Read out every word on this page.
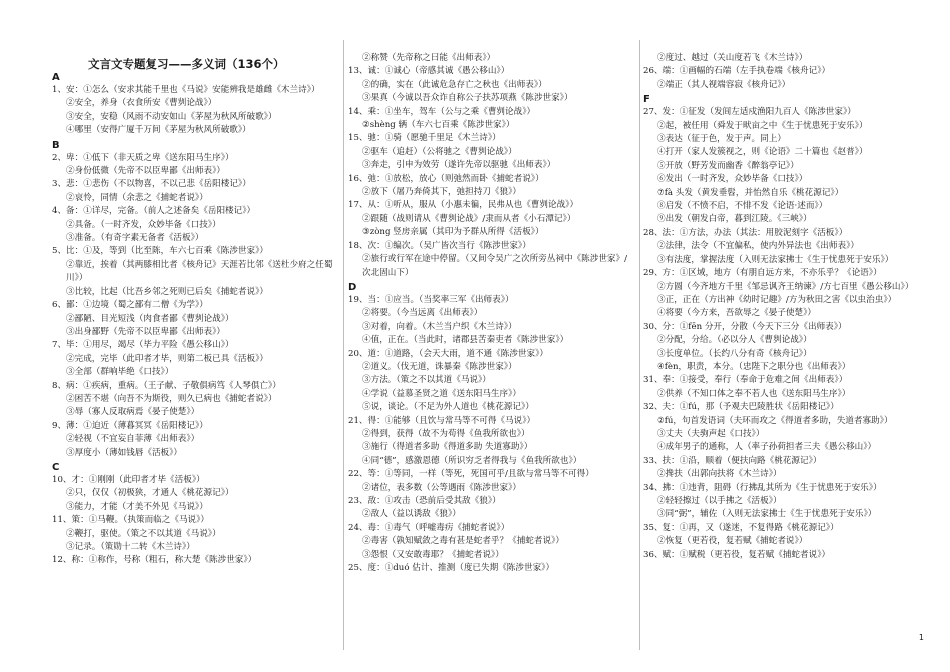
A
1、安：①怎么（安求其能千里也《马说》安能辨我是雄雌《木兰诗》）
②安全，养身（衣食所安《曹刿论战》）
③安全，安稳（风雨不动安如山《茅屋为秋风所破歌》）
④哪里（安得广厦千万间《茅屋为秋风所破歌》）
B
2、卑：①低下（非天质之卑《送东阳马生序》）
②身份低微（先帝不以臣卑鄙《出师表》）
3、悲：①悲伤（不以物喜，不以己悲《岳阳楼记》）
②哀怜，同情（余悲之《捕蛇者说》）
4、备：①详尽，完备。（前人之述备矣《岳阳楼记》）
②具备。（一时齐发，众妙毕备《口技》）
③准备。（有奇字素无备者《活板》）
5、比：①及，等到（比至陈，车六七百乘《陈涉世家》）
②靠近，挨着（其两膝相比者《核舟记》天涯若比邻《送杜少府之任蜀川》）
③比较，比起（比吾乡邻之死则已后矣《捕蛇者说》）
6、鄙：①边境（蜀之鄙有二僧《为学》）
②鄙陋、目光短浅（肉食者鄙《曹刿论战》）
③出身鄙野（先帝不以臣卑鄙《出师表》）
7、毕：①用尽，竭尽（毕力平险《愚公移山》）
②完成，完毕（此印者才毕，则第二板已具《活板》）
③全部（群响毕绝《口技》）
8、病：①疾病，重病。（王子献、子敬俱病笃《人琴俱亡》）
②困苦不堪（向吾不为斯役，则久已病也《捕蛇者说》）
③辱（寡人反取病焉《晏子使楚》）
9、薄：①迫近（薄暮冥冥《岳阳楼记》）
②轻视（不宜妄自菲薄《出师表》）
③厚度小（薄如钱唇《活板》）
C
10、才：①刚刚（此印者才毕《活板》）
②只，仅仅（初极狭，才通人《桃花源记》）
③能力，才能（才美不外见《马说》）
11、策：①马鞭。（执策而临之《马说》）
②鞭打，驱使。（策之不以其道《马说》）
③记录。（策勋十二转《木兰诗》）
12、称：①称作，号称（粗石，称大楚《陈涉世家》）
②称赞（先帝称之曰能《出师表》）
13、诚：①诚心（帝感其诚《愚公移山》）
②的确，实在（此诚危急存亡之秋也《出师表》）
③果真（今诚以吾众诈自称公子扶苏项燕《陈涉世家》）
14、乘：①坐车，驾车（公与之乘《曹刿论战》）
②shèng 辆（车六七百乘《陈涉世家》）
15、驰：①骑（愿驰千里足《木兰诗》）
②驱车（追赶）（公将驰之《曹刿论战》）
③奔走，引申为效劳（遂许先帝以驱驰《出师表》）
16、弛：①放松，放心（则弛然而卧《捕蛇者说》）
②放下（屠乃奔倚其下，弛担持刀《狼》）
17、从：①听从，服从（小惠未徧，民弗从也《曹刿论战》）
②跟随（战则请从《曹刿论战》/隶而从者《小石潭记》）
③zòng 竖房亲属（其印为予群从所得《活板》）
18、次：①编次。（吴广皆次当行《陈涉世家》）
②旅行或行军在途中停留。（又间令吴广之次所旁丛祠中《陈涉世家》/次北固山下）
D
19、当：①应当。（当奖率三军《出师表》）
②将要。（今当远离《出师表》）
③对着，向着。（木兰当户织《木兰诗》）
④值，正在。（当此时，诸郡县苦秦吏者《陈涉世家》）
20、道：①道路，（会天大雨，道不通《陈涉世家》）
②道义。（伐无道，诛暴秦《陈涉世家》）
③方法。（策之不以其道《马说》）
④学说（益慕圣贤之道《送东阳马生序》）
⑤说，谈论。（不足为外人道也《桃花源记》）
21、得：①能够（且饮与常马等不可得《马说》）
②得到，获得（故不为苟得《鱼我所欲也》）
③施行（得道者多助《得道多助 失道寡助》）
④同“德”，感激恩德（所识穷乏者得我与《鱼我所欲也》）
22、等：①等同，一样（等死，死国可乎/且欲与常马等不可得）
②诸位，表多数（公等遇雨《陈涉世家》）
23、敌：①攻击（恐前后受其敌《狼》）
②敌人（益以诱敌《狼》）
24、毒：①毒气（呼嘘毒疠《捕蛇者说》）
②毒害（孰知赋敛之毒有甚是蛇者乎？《捕蛇者说》）
③怨恨（又安敢毒耶？《捕蛇者说》）
25、度：①duó 估计、推测（度已失期《陈涉世家》）
②度过、越过（关山度若飞《木兰诗》）
26、端：①画幅的石端（左手执卷端《核舟记》）
②端正（其人视端容寂《核舟记》）
F
27、发：①征发（发闾左适戍渔阳九百人《陈涉世家》）
②起，被任用（舜发于畎亩之中《生于忧患死于安乐》）
③表达（征于色，发于声。同上）
④打开（家人发簇视之，则《论语》二十篇也《赵普》）
⑤开放（野芳发而幽香《醉翁亭记》）
⑥发出（一时齐发，众妙毕备《口技》）
⑦fà 头发（黄发垂髫，并怡然自乐《桃花源记》）
⑧启发（不愤不启，不悱不发《论语·述而》）
⑨出发（朝发白帝，暮到江陵。《三峡》）
28、法：①方法，办法（其法：用胶泥刻字《活板》）
②法律，法令（不宜偏私，使内外异法也《出师表》）
③有法度，掌握法度（入则无法家拂士《生于忧患死于安乐》）
29、方：①区域，地方（有朋自远方来，不亦乐乎？《论语》）
②方圆（今齐地方千里《邹忌讽齐王纳谏》/方七百里《愚公移山》）
③正，正在（方出神《幼时记趣》/方为秋田之害《以虫治虫》）
④将要（今方来，吾欲辱之《晏子使楚》）
30、分：①fēn 分开，分散（今天下三分《出师表》）
②分配，分给。（必以分人《曹刿论战》）
③长度单位。（长约八分有奇《核舟记》）
④fèn，职责，本分。（忠陛下之职分也《出师表》）
31、奉：①接受，奉行（奉命于危难之间《出师表》）
②供养（不知口体之奉不若人也《送东阳马生序》）
32、夫：①fú，那（予观夫巴陵胜状《岳阳楼记》）
②fú，句首发语词（夫环而攻之《得道者多助，失道者寡助》）
③丈夫（夫驹声起《口技》）
④成年男子的通称，人（率子孙荷担者三夫《愚公移山》）
33、扶：①沿，顺着（便扶向路《桃花源记》）
②搀扶（出郭向扶将《木兰诗》）
34、拂：①违背，阻碍（行拂乱其所为《生于忧患死于安乐》）
②轻轻擦过（以手拂之《活板》）
③同“弼”，辅佐（入则无法家拂士《生于忧患死于安乐》）
35、复：①再，又（遂迷，不复得路《桃花源记》）
②恢复（更若役，复若赋《捕蛇者说》）
36、赋：①赋税（更若役，复若赋《捕蛇者说》）
文言文专题复习——多义词（136个）
1
